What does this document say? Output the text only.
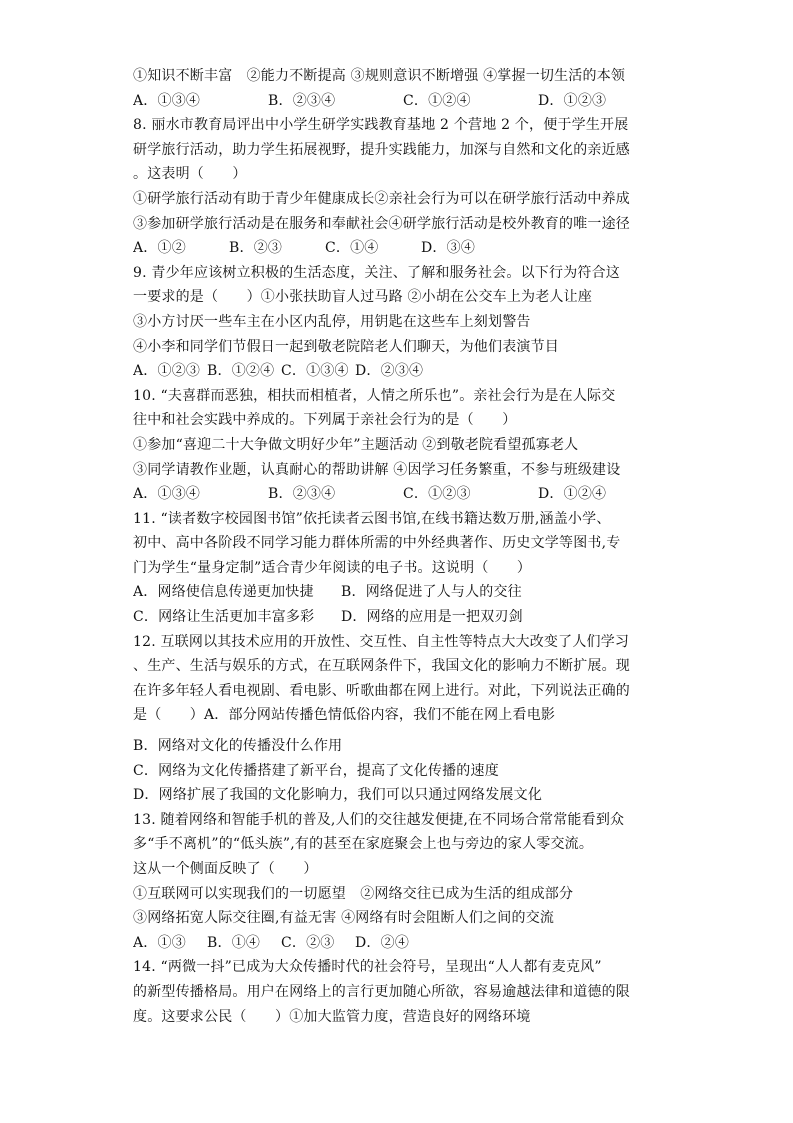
①知识不断丰富　②能力不断提高 ③规则意识不断增强 ④掌握一切生活的本领
A．①③④	B．②③④	C．①②④	D．①②③
8. 丽水市教育局评出中小学生研学实践教育基地 2 个营地 2 个，便于学生开展
研学旅行活动，助力学生拓展视野，提升实践能力，加深与自然和文化的亲近感
。这表明（　　）
①研学旅行活动有助于青少年健康成长②亲社会行为可以在研学旅行活动中养成
③参加研学旅行活动是在服务和奉献社会④研学旅行活动是校外教育的唯一途径
A．①②	B．②③	C．①④	D．③④
9. 青少年应该树立积极的生活态度，关注、了解和服务社会。以下行为符合这
一要求的是（　　）①小张扶助盲人过马路 ②小胡在公交车上为老人让座
③小方讨厌一些车主在小区内乱停，用钥匙在这些车上刻划警告
④小李和同学们节假日一起到敬老院陪老人们聊天，为他们表演节目
A．①②③ B．①②④ C．①③④ D．②③④
10. “夫喜群而恶独，相扶而相植者，人情之所乐也”。亲社会行为是在人际交
往中和社会实践中养成的。下列属于亲社会行为的是（　　）
①参加“喜迎二十大争做文明好少年”主题活动 ②到敬老院看望孤寡老人
③同学请教作业题，认真耐心的帮助讲解 ④因学习任务繁重，不参与班级建设
A．①③④	B．②③④	C．①②③	D．①②④
11. “读者数字校园图书馆”依托读者云图书馆,在线书籍达数万册,涵盖小学、
初中、高中各阶段不同学习能力群体所需的中外经典著作、历史文学等图书,专
门为学生“量身定制”适合青少年阅读的电子书。这说明（　　）
A．网络使信息传递更加快捷	B．网络促进了人与人的交往
C．网络让生活更加丰富多彩	D．网络的应用是一把双刃剑
12. 互联网以其技术应用的开放性、交互性、自主性等特点大大改变了人们学习
、生产、生活与娱乐的方式，在互联网条件下，我国文化的影响力不断扩展。现
在许多年轻人看电视剧、看电影、听歌曲都在网上进行。对此，下列说法正确的
是（　　）A．部分网站传播色情低俗内容，我们不能在网上看电影
B．网络对文化的传播没什么作用
C．网络为文化传播搭建了新平台，提高了文化传播的速度
D．网络扩展了我国的文化影响力，我们可以只通过网络发展文化
13. 随着网络和智能手机的普及,人们的交往越发便捷,在不同场合常常能看到众
多“手不离机”的“低头族”,有的甚至在家庭聚会上也与旁边的家人零交流。
这从一个侧面反映了（　　）
①互联网可以实现我们的一切愿望　②网络交往已成为生活的组成部分
③网络拓宽人际交往圈,有益无害 ④网络有时会阻断人们之间的交流
A．①③	B．①④	C．②③	D．②④
14. “两微一抖”已成为大众传播时代的社会符号，呈现出“人人都有麦克风”
的新型传播格局。用户在网络上的言行更加随心所欲，容易逾越法律和道德的限
度。这要求公民（　　）①加大监管力度，营造良好的网络环境
